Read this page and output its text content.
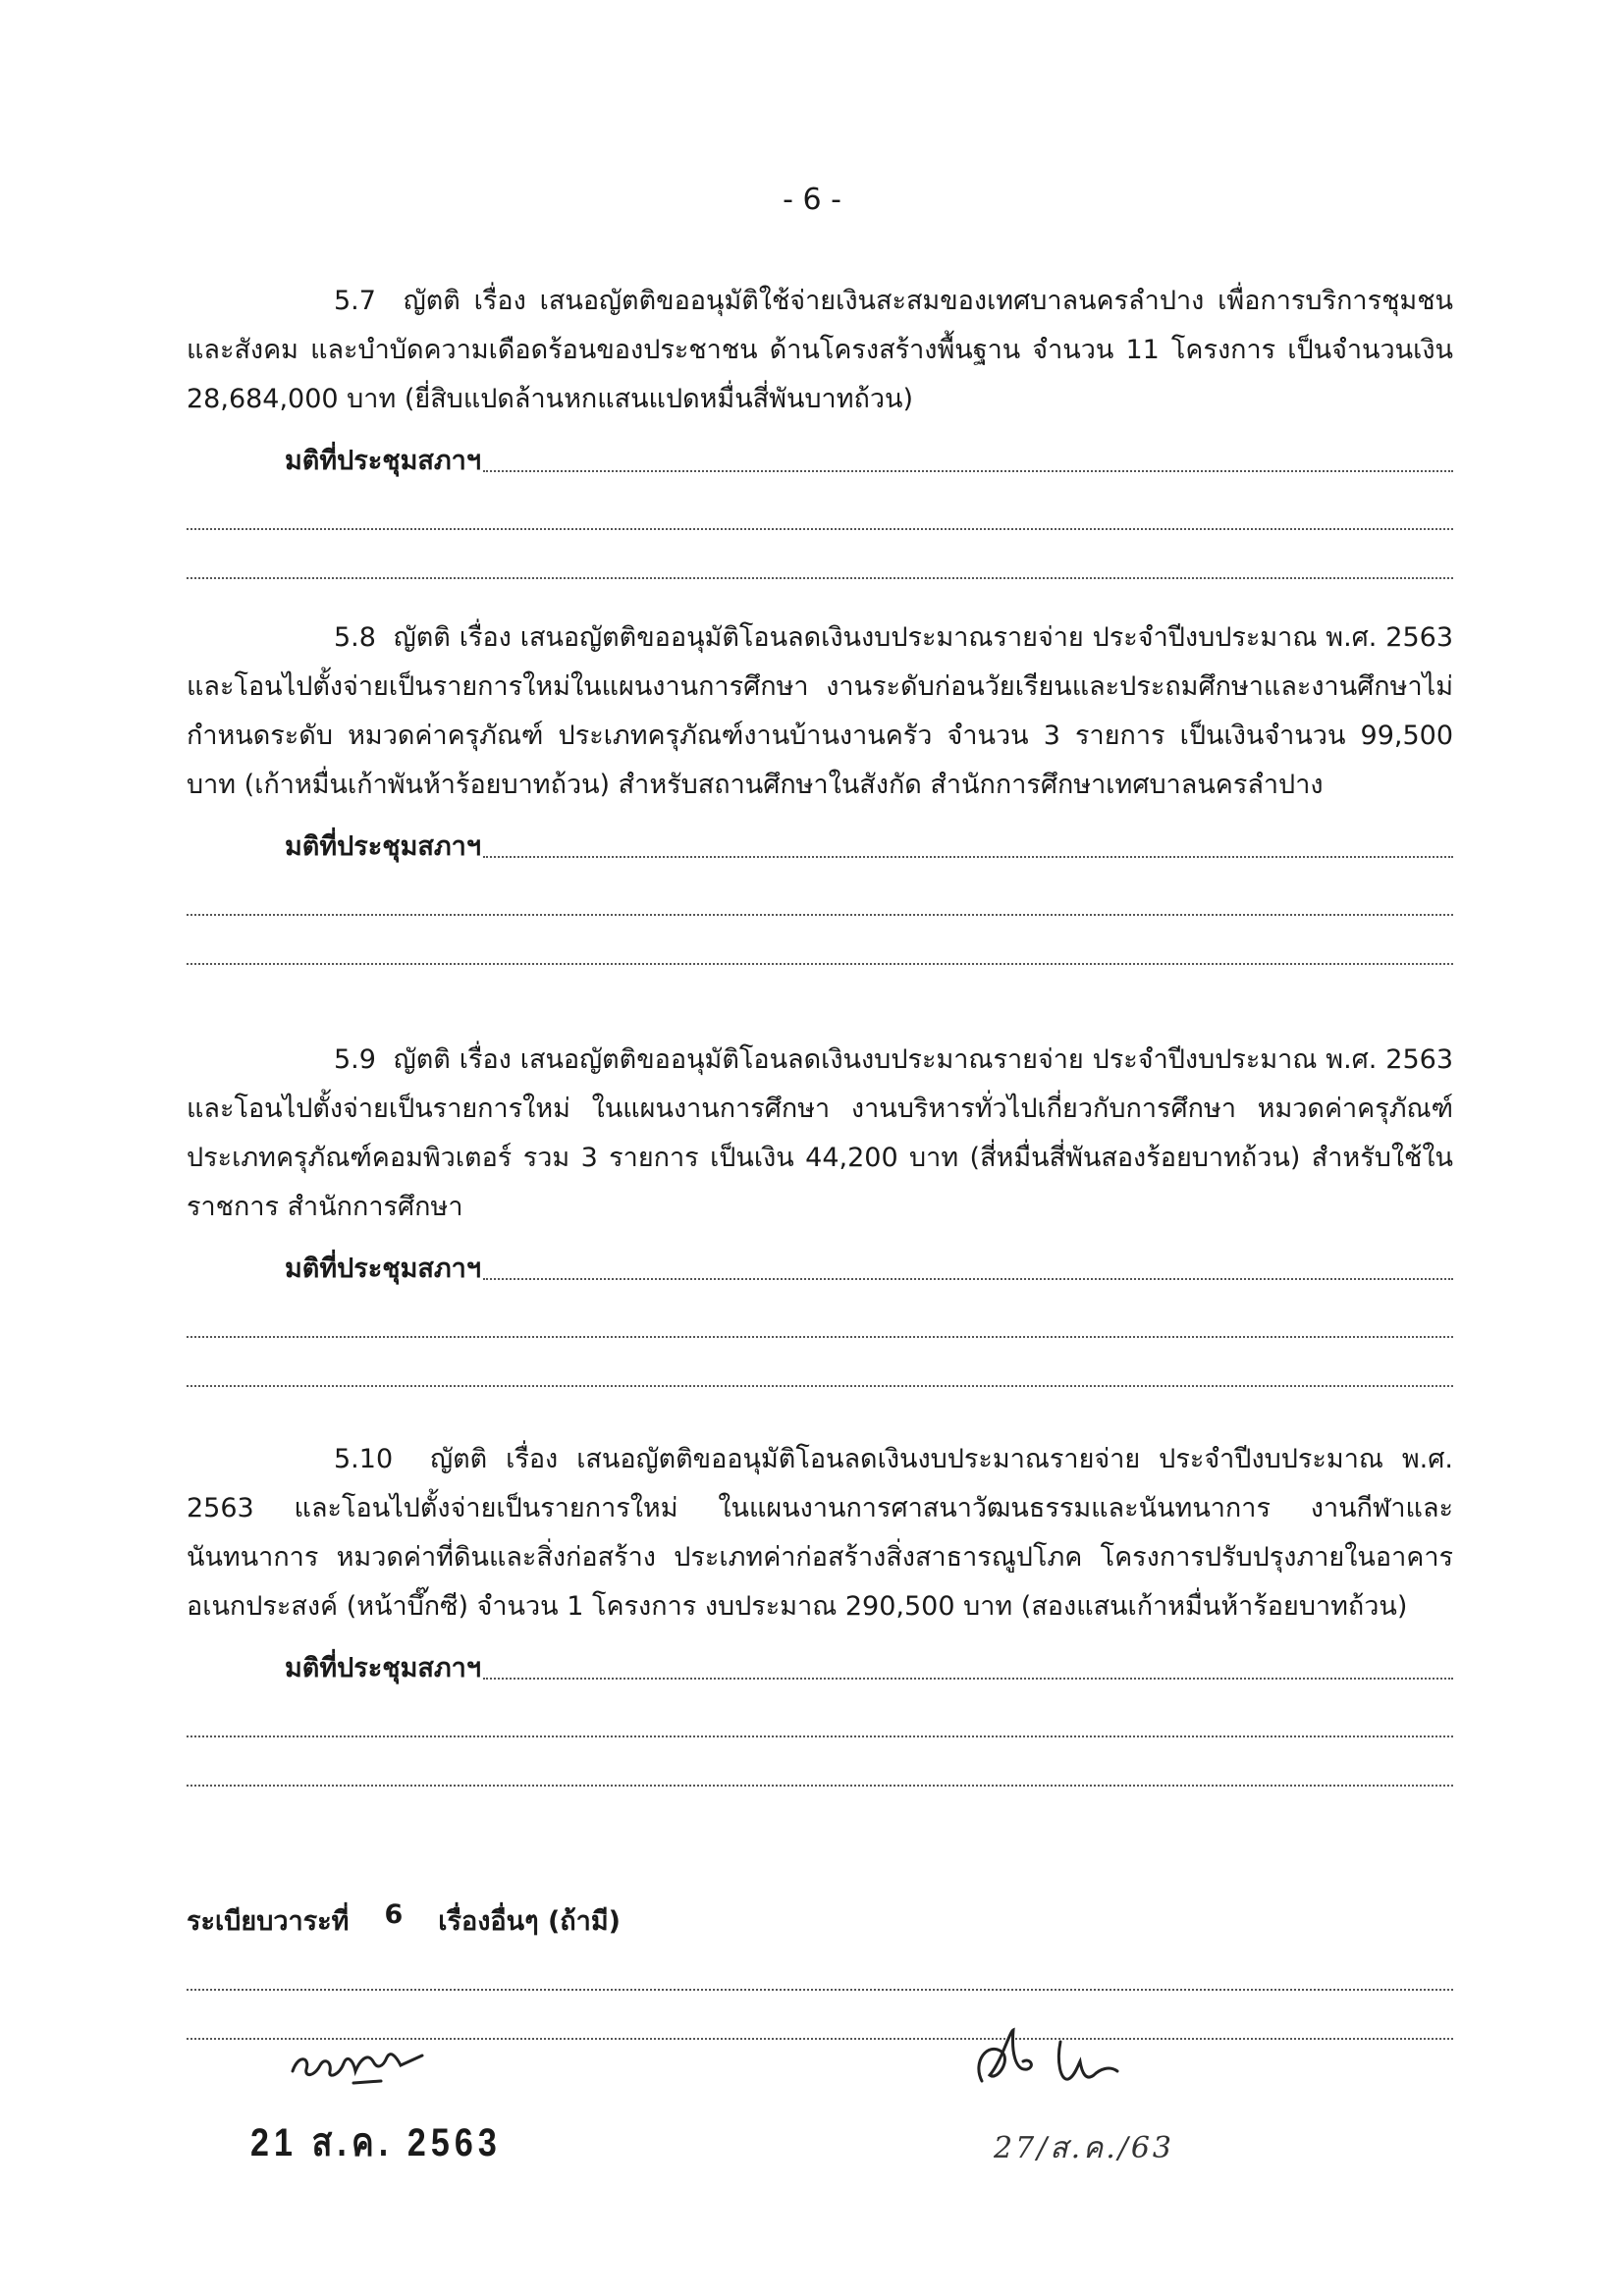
- 6 -

5.7 ญัตติ เรื่อง เสนอญัตติขออนุมัติใช้จ่ายเงินสะสมของเทศบาลนครลำปาง เพื่อการบริการชุมชนและสังคม และบำบัดความเดือดร้อนของประชาชน ด้านโครงสร้างพื้นฐาน จำนวน 11 โครงการ เป็นจำนวนเงิน 28,684,000 บาท (ยี่สิบแปดล้านหกแสนแปดหมื่นสี่พันบาทถ้วน)

มติที่ประชุมสภาฯ

5.8 ญัตติ เรื่อง เสนอญัตติขออนุมัติโอนลดเงินงบประมาณรายจ่าย ประจำปีงบประมาณ พ.ศ. 2563 และโอนไปตั้งจ่ายเป็นรายการใหม่ในแผนงานการศึกษา งานระดับก่อนวัยเรียนและประถมศึกษาและงานศึกษาไม่กำหนดระดับ หมวดค่าครุภัณฑ์ ประเภทครุภัณฑ์งานบ้านงานครัว จำนวน 3 รายการ เป็นเงินจำนวน 99,500 บาท (เก้าหมื่นเก้าพันห้าร้อยบาทถ้วน) สำหรับสถานศึกษาในสังกัด สำนักการศึกษาเทศบาลนครลำปาง

มติที่ประชุมสภาฯ

5.9 ญัตติ เรื่อง เสนอญัตติขออนุมัติโอนลดเงินงบประมาณรายจ่าย ประจำปีงบประมาณ พ.ศ. 2563 และโอนไปตั้งจ่ายเป็นรายการใหม่ ในแผนงานการศึกษา งานบริหารทั่วไปเกี่ยวกับการศึกษา หมวดค่าครุภัณฑ์ ประเภทครุภัณฑ์คอมพิวเตอร์ รวม 3 รายการ เป็นเงิน 44,200 บาท (สี่หมื่นสี่พันสองร้อยบาทถ้วน) สำหรับใช้ในราชการ สำนักการศึกษา

มติที่ประชุมสภาฯ

5.10 ญัตติ เรื่อง เสนอญัตติขออนุมัติโอนลดเงินงบประมาณรายจ่าย ประจำปีงบประมาณ พ.ศ. 2563 และโอนไปตั้งจ่ายเป็นรายการใหม่ ในแผนงานการศาสนาวัฒนธรรมและนันทนาการ งานกีฬาและนันทนาการ หมวดค่าที่ดินและสิ่งก่อสร้าง ประเภทค่าก่อสร้างสิ่งสาธารณูปโภค โครงการปรับปรุงภายในอาคารอเนกประสงค์ (หน้าบึ๊กซี) จำนวน 1 โครงการ งบประมาณ 290,500 บาท (สองแสนเก้าหมื่นห้าร้อยบาทถ้วน)

มติที่ประชุมสภาฯ
ระเบียบวาระที่ 6 เรื่องอื่นๆ (ถ้ามี)
21 ส.ค. 2563	27/ส.ค./63
